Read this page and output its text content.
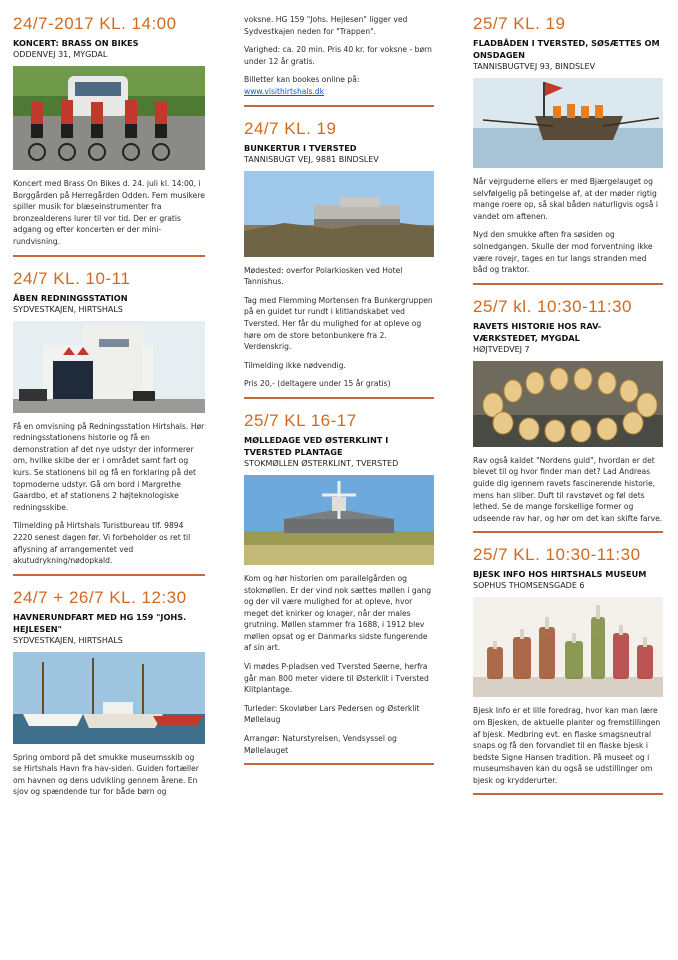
24/7-2017 KL. 14:00
KONCERT: BRASS ON BIKES
ODDENVEJ 31, MYGDAL

Koncert med Brass On Bikes d. 24. juli kl. 14:00, i Borggården på Herregården Odden. Fem musikere spiller musik for blæseinstrumenter fra bronzealderens lurer til vor tid. Der er gratis adgang og efter koncerten er der mini-rundvisning.

24/7 KL. 10-11
ÅBEN REDNINGSSTATION
SYDVESTKAJEN, HIRTSHALS

Få en omvisning på Redningsstation Hirtshals. Hør redningsstationens historie og få en demonstration af det nye udstyr der informerer om, hvilke skibe der er i området samt fart og kurs. Se stationens bil og få en forklaring på det topmoderne udstyr. Gå om bord i Margrethe Gaardbo, et af stationens 2 højteknologiske redningsskibe.

Tilmelding på Hirtshals Turistbureau tlf. 9894 2220 senest dagen før. Vi forbeholder os ret til aflysning af arrangementet ved akutudrykning/nødopkald.

24/7 + 26/7 KL. 12:30
HAVNERUNDFART MED HG 159 "JOHS. HEJLESEN"
SYDVESTKAJEN, HIRTSHALS

Spring ombord på det smukke museumsskib og se Hirtshals Havn fra hav-siden. Guiden fortæller om havnen og dens udvikling gennem årene. En sjov og spændende tur for både børn og

voksne. HG 159 "Johs. Hejlesen" ligger ved Sydvestkajen neden for "Trappen".

Varighed: ca. 20 min. Pris 40 kr. for voksne - børn under 12 år gratis.

Billetter kan bookes online på:

www.visithirtshals.dk

24/7 KL. 19
BUNKERTUR I TVERSTED
TANNISBUGT VEJ, 9881 BINDSLEV

Mødested: overfor Polarkiosken ved Hotel Tannishus.

Tag med Flemming Mortensen fra Bunkergruppen på en guidet tur rundt i klitlandskabet ved Tversted. Her får du mulighed for at opleve og høre om de store betonbunkere fra 2. Verdenskrig.

Tilmelding ikke nødvendig.

Pris 20,- (deltagere under 15 år gratis)

25/7 KL 16-17
MØLLEDAGE VED ØSTERKLINT I TVERSTED PLANTAGE
STOKMØLLEN ØSTERKLINT, TVERSTED

Kom og hør historien om parallelgården og stokmøllen. Er der vind nok sættes møllen i gang og der vil være mulighed for at opleve, hvor meget det knirker og knager, når der males grutning. Møllen stammer fra 1688, i 1912 blev møllen opsat og er Danmarks sidste fungerende af sin art.

Vi mødes P-pladsen ved Tversted Søerne, herfra går man 800 meter videre til Østerklit i Tversted Klitplantage.

Turleder: Skovløber Lars Pedersen og Østerklit Møllelaug

Arrangør: Naturstyrelsen, Vendsyssel og Møllelauget

25/7 KL. 19
FLADBÅDEN I TVERSTED, SØSÆTTES OM ONSDAGEN
TANNISBUGTVEJ 93, BINDSLEV

Når vejrguderne ellers er med Bjærgelauget og selvfølgelig på betingelse af, at der møder rigtig mange roere op, så skal båden naturligvis også i vandet om aftenen.

Nyd den smukke aften fra søsiden og solnedgangen. Skulle der mod forventning ikke være rovejr, tages en tur langs stranden med båd og traktor.

25/7 kl. 10:30-11:30
RAVETS HISTORIE HOS RAV-VÆRKSTEDET, MYGDAL
HØJTVEDVEJ 7

Rav også kaldet "Nordens guld", hvordan er det blevet til og hvor finder man det? Lad Andreas guide dig igennem ravets fascinerende historie, mens han sliber. Duft til ravstøvet og føl dets lethed. Se de mange forskellige former og udseende rav har, og hør om det kan skifte farve.

25/7 KL. 10:30-11:30
BJESK INFO HOS HIRTSHALS MUSEUM
SOPHUS THOMSENSGADE 6

Bjesk Info er et lille foredrag, hvor kan man lære om Bjesken, de aktuelle planter og fremstillingen af bjesk. Medbring evt. en flaske smagsneutral snaps og få den forvandlet til en flaske bjesk i bedste Signe Hansen tradition. På museet og i museumshaven kan du også se udstillinger om bjesk og krydderurter.
